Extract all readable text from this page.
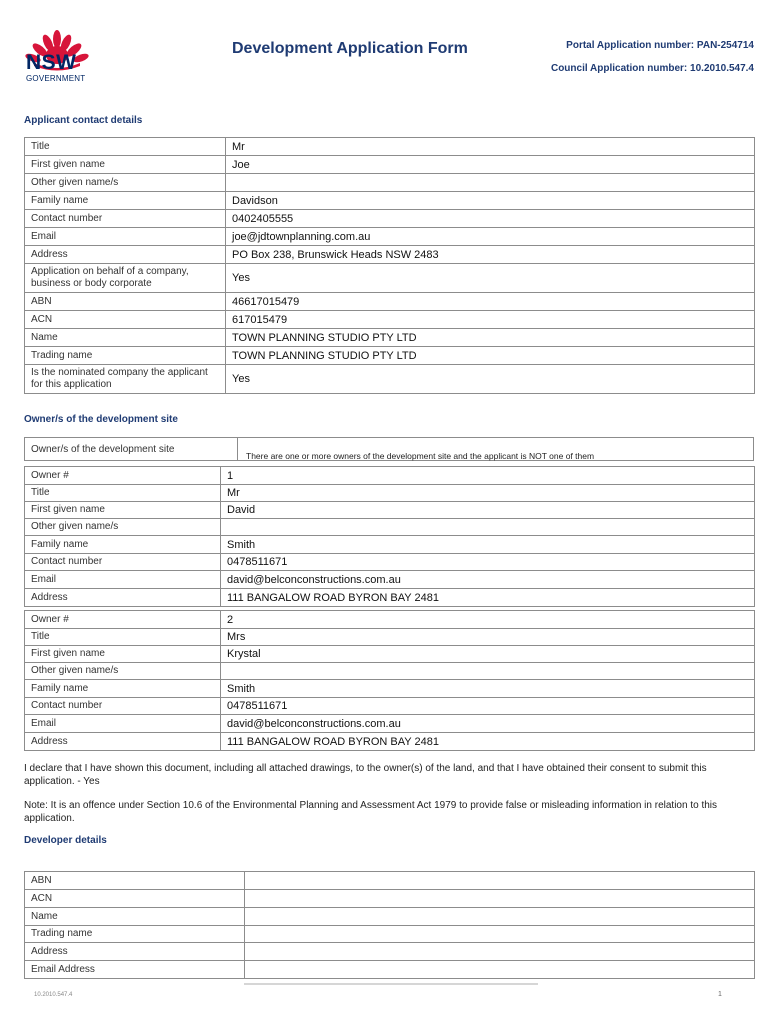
NSW
GOVERNMENT
Development Application Form	Portal Application number: PAN-254714
Council Application number: 10.2010.547.4
Applicant contact details
Title	Mr
First given name	Joe
Other given name/s	
Family name	Davidson
Contact number	0402405555
Email	joe@jdtownplanning.com.au
Address	PO Box 238, Brunswick Heads NSW 2483
Application on behalf of a company, business or body corporate	Yes
ABN	46617015479
ACN	617015479
Name	TOWN PLANNING STUDIO PTY LTD
Trading name	TOWN PLANNING STUDIO PTY LTD
Is the nominated company the applicant for this application	Yes
Owner/s of the development site
Owner/s of the development site
There are one or more owners of the development site and the applicant is NOT one of them
Owner #	1
Title	Mr
First given name	David
Other given name/s	
Family name	Smith
Contact number	0478511671
Email	david@belconconstructions.com.au
Address	111 BANGALOW ROAD BYRON BAY 2481
Owner #	2
Title	Mrs
First given name	Krystal
Other given name/s	
Family name	Smith
Contact number	0478511671
Email	david@belconconstructions.com.au
Address	111 BANGALOW ROAD BYRON BAY 2481
I declare that I have shown this document, including all attached drawings, to the owner(s) of the land, and that I have obtained their consent to submit this application. - Yes
Note: It is an offence under Section 10.6 of the Environmental Planning and Assessment Act 1979 to provide false or misleading information in relation to this application.
Developer details
ABN	
ACN	
Name	
Trading name	
Address	
Email Address	
10.2010.547.4	1
